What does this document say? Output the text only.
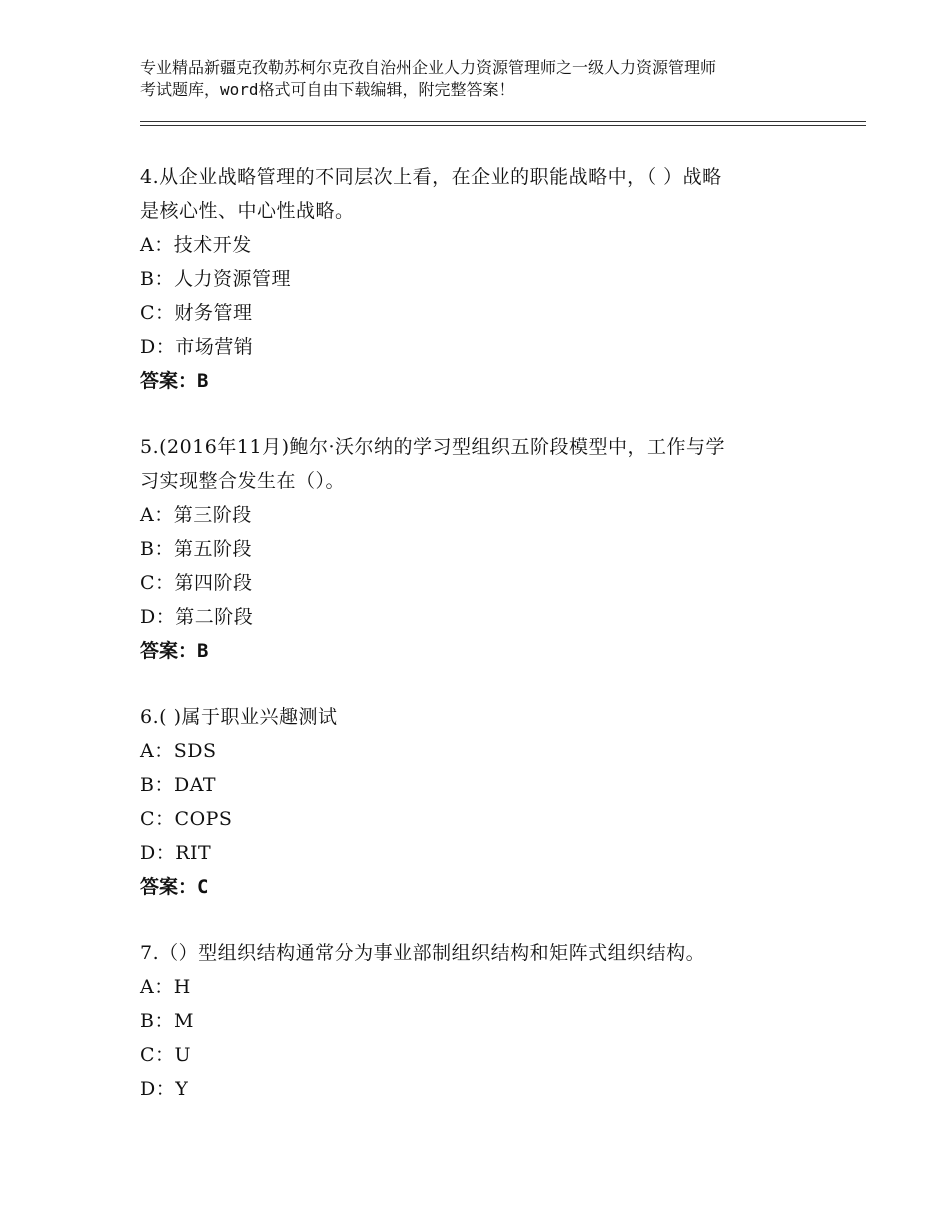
专业精品新疆克孜勒苏柯尔克孜自治州企业人力资源管理师之一级人力资源管理师
考试题库，word格式可自由下载编辑，附完整答案！
4.从企业战略管理的不同层次上看，在企业的职能战略中，（ ）战略
是核心性、中心性战略。
A：技术开发
B：人力资源管理
C：财务管理
D：市场营销
答案：B
5.(2016年11月)鲍尔·沃尔纳的学习型组织五阶段模型中，工作与学
习实现整合发生在（）。
A：第三阶段
B：第五阶段
C：第四阶段
D：第二阶段
答案：B
6.( )属于职业兴趣测试
A：SDS
B：DAT
C：COPS
D：RIT
答案：C
7.（）型组织结构通常分为事业部制组织结构和矩阵式组织结构。
A：H
B：M
C：U
D：Y
